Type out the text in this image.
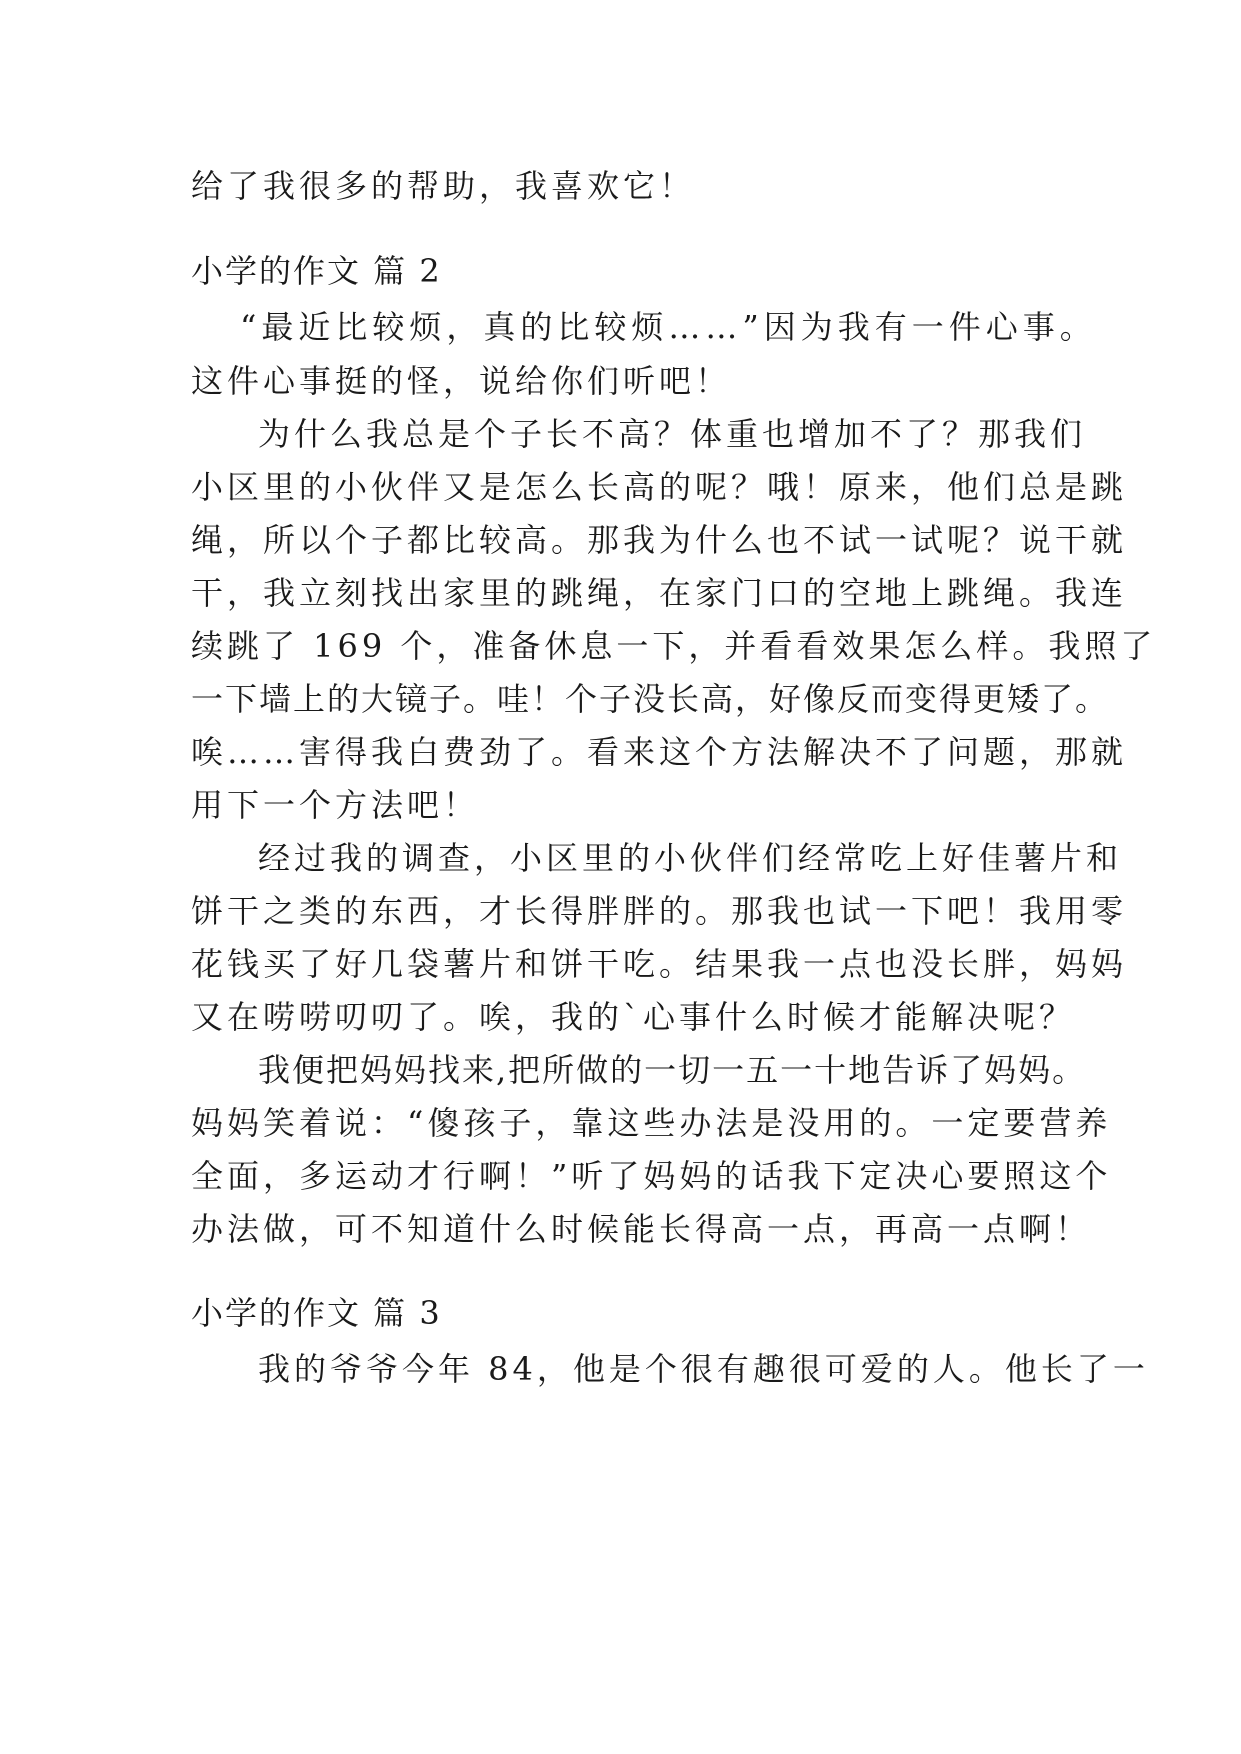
给了我很多的帮助，我喜欢它！
小学的作文 篇 2
“最近比较烦，真的比较烦……”因为我有一件心事。
这件心事挺的怪，说给你们听吧！
为什么我总是个子长不高？体重也增加不了？那我们
小区里的小伙伴又是怎么长高的呢？哦！原来，他们总是跳
绳，所以个子都比较高。那我为什么也不试一试呢？说干就
干，我立刻找出家里的跳绳，在家门口的空地上跳绳。我连
续跳了 169 个，准备休息一下，并看看效果怎么样。我照了
一下墙上的大镜子。哇！个子没长高，好像反而变得更矮了。
唉……害得我白费劲了。看来这个方法解决不了问题，那就
用下一个方法吧！
经过我的调查，小区里的小伙伴们经常吃上好佳薯片和
饼干之类的东西，才长得胖胖的。那我也试一下吧！我用零
花钱买了好几袋薯片和饼干吃。结果我一点也没长胖，妈妈
又在唠唠叨叨了。唉，我的`心事什么时候才能解决呢？
我便把妈妈找来,把所做的一切一五一十地告诉了妈妈。
妈妈笑着说：“傻孩子，靠这些办法是没用的。一定要营养
全面，多运动才行啊！”听了妈妈的话我下定决心要照这个
办法做，可不知道什么时候能长得高一点，再高一点啊！
小学的作文 篇 3
我的爷爷今年 84，他是个很有趣很可爱的人。他长了一
